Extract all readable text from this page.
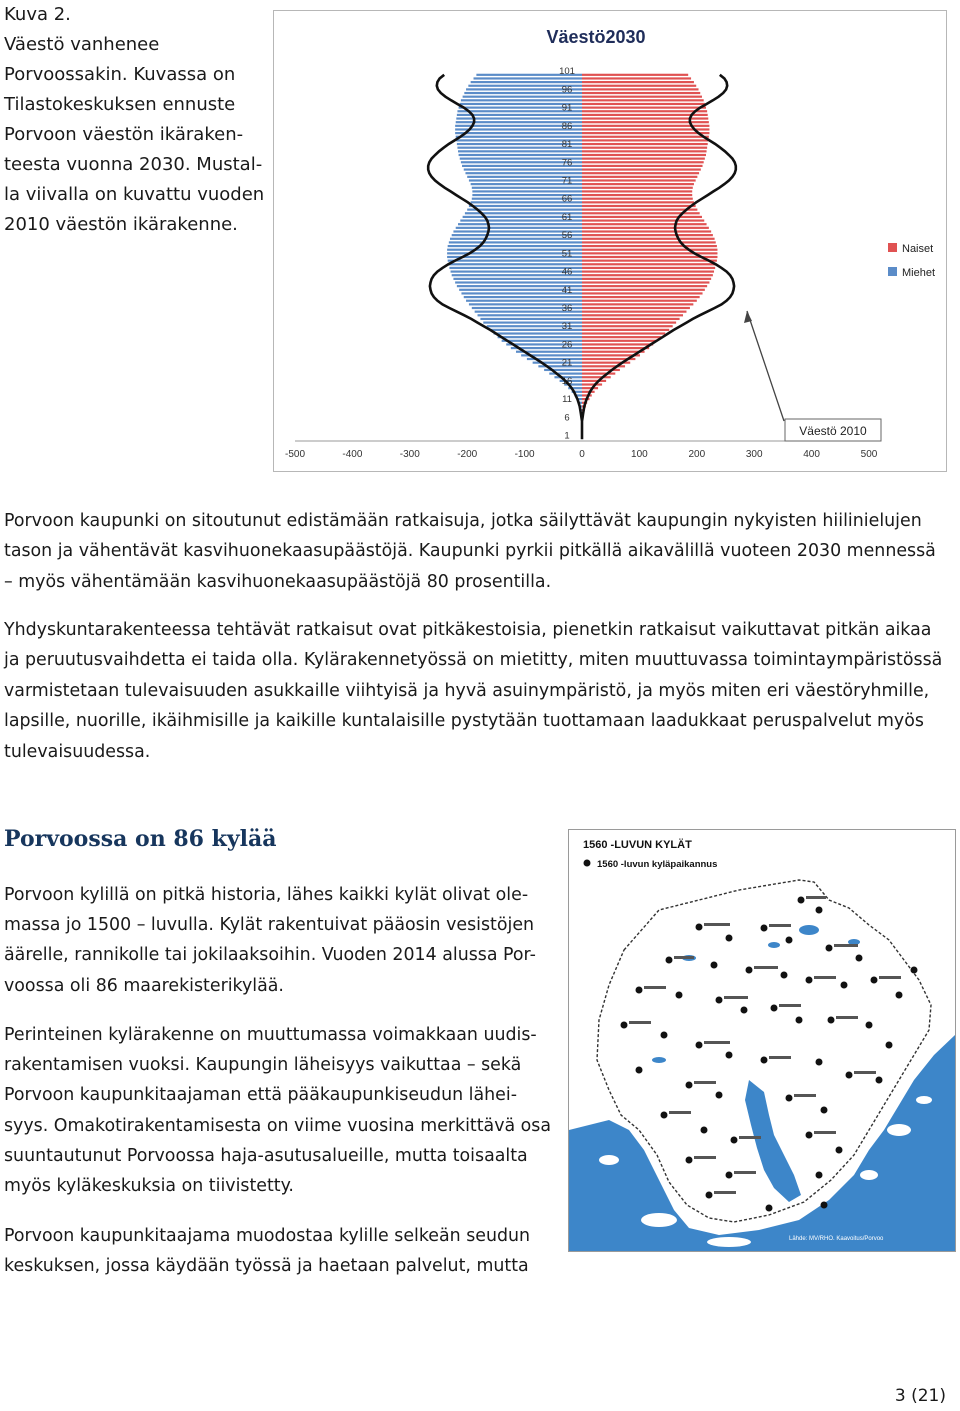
Kuva 2.
Väestö vanhenee
Porvoossakin. Kuvassa on
Tilastokeskuksen ennuste
Porvoon väestön ikäraken-
teesta vuonna 2030. Mustal-
la viivalla on kuvattu vuoden
2010 väestön ikärakenne.
Väestö2030
101
96
91
86
81
76
71
66
61
56
51
46
41
36
31
26
21
16
11
6
1
-500	-400	-300	-200	-100	0	100	200	300	400	500
Naiset
Miehet
Väestö 2010
Porvoon kaupunki on sitoutunut edistämään ratkaisuja, jotka säilyttävät kaupungin nykyisten hiilinielujen
tason ja vähentävät kasvihuonekaasupäästöjä. Kaupunki pyrkii pitkällä aikavälillä vuoteen 2030 mennessä
– myös vähentämään kasvihuonekaasupäästöjä 80 prosentilla.
Yhdyskuntarakenteessa tehtävät ratkaisut ovat pitkäkestoisia, pienetkin ratkaisut vaikuttavat pitkän aikaa
ja peruutusvaihdetta ei taida olla. Kylärakennetyössä on mietitty, miten muuttuvassa toimintaympäristössä
varmistetaan tulevaisuuden asukkaille viihtyisä ja hyvä asuinympäristö, ja myös miten eri väestöryhmille,
lapsille, nuorille, ikäihmisille ja kaikille kuntalaisille pystytään tuottamaan laadukkaat peruspalvelut myös
tulevaisuudessa.
Porvoossa on 86 kylää
Porvoon kylillä on pitkä historia, lähes kaikki kylät olivat ole-
massa jo 1500 – luvulla. Kylät rakentuivat pääosin vesistöjen
äärelle, rannikolle tai jokilaaksoihin. Vuoden 2014 alussa Por-
voossa oli 86 maarekisterikylää.
Perinteinen kylärakenne on muuttumassa voimakkaan uudis-
rakentamisen vuoksi. Kaupungin läheisyys vaikuttaa – sekä
Porvoon kaupunkitaajaman että pääkaupunkiseudun lähei-
syys. Omakotirakentamisesta on viime vuosina merkittävä osa
suuntautunut Porvoossa haja-asutusalueille, mutta toisaalta
myös kyläkeskuksia on tiivistetty.
Porvoon kaupunkitaajama muodostaa kylille selkeän seudun
keskuksen, jossa käydään työssä ja haetaan palvelut, mutta
1560 -LUVUN KYLÄT
1560 -luvun kyläpaikannus
Lähde: MV/RHO. Kaavoitus/Porvoo
3 (21)
